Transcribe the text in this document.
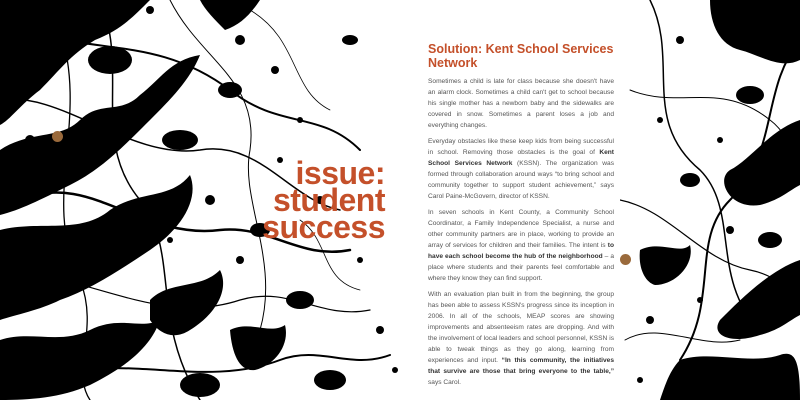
issue:
student
success
Solution: Kent School Services Network

Sometimes a child is late for class because she doesn't have an alarm clock. Sometimes a child can't get to school because his single mother has a newborn baby and the sidewalks are covered in snow. Sometimes a parent loses a job and everything changes.

Everyday obstacles like these keep kids from being successful in school. Removing those obstacles is the goal of Kent School Services Network (KSSN). The organization was formed through collaboration around ways “to bring school and community together to support student achievement,” says Carol Paine-McGovern, director of KSSN.

In seven schools in Kent County, a Community School Coordinator, a Family Independence Specialist, a nurse and other community partners are in place, working to provide an array of services for children and their families. The intent is to have each school become the hub of the neighborhood – a place where students and their parents feel comfortable and where they know they can find support.

With an evaluation plan built in from the beginning, the group has been able to assess KSSN's progress since its inception in 2006. In all of the schools, MEAP scores are showing improvements and absenteeism rates are dropping. And with the involvement of local leaders and school personnel, KSSN is able to tweak things as they go along, learning from experiences and input. “In this community, the initiatives that survive are those that bring everyone to the table,” says Carol.
